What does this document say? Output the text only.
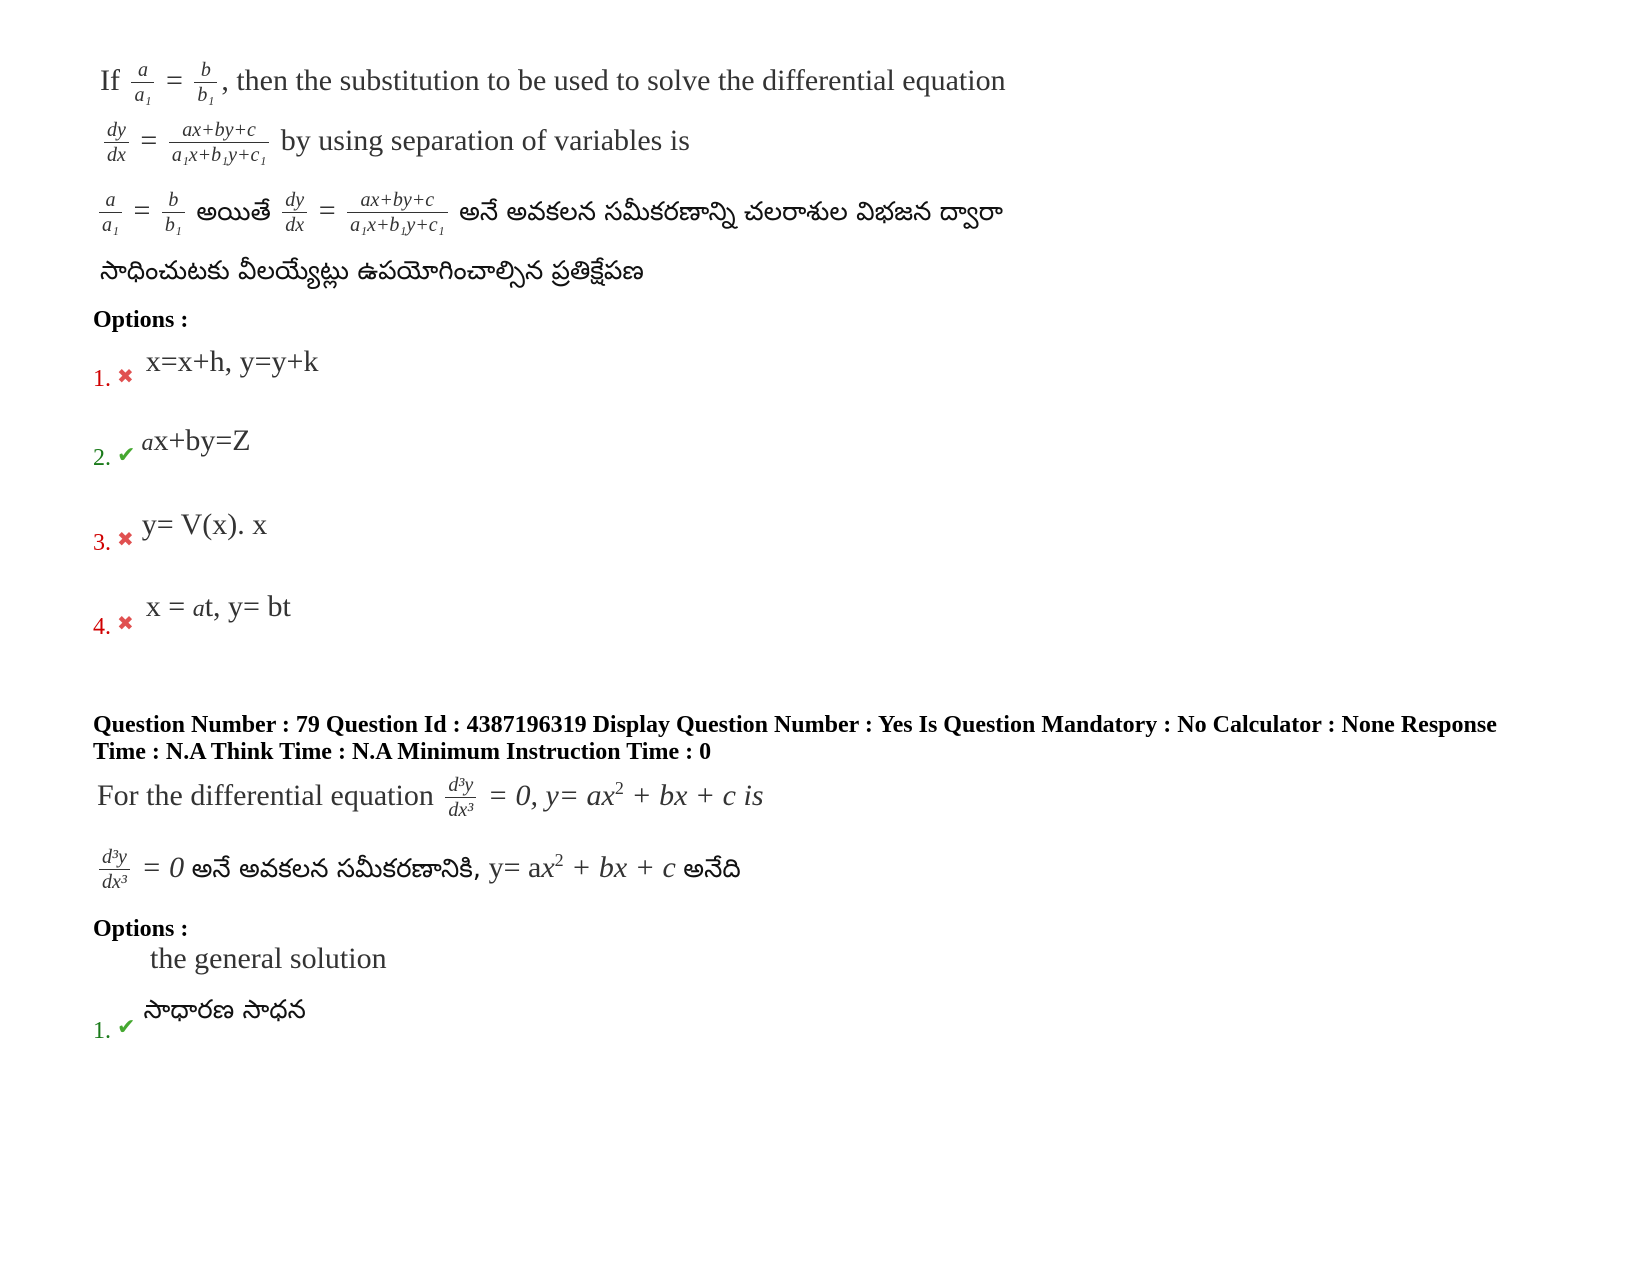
If $\frac{a}{\text{a₁}} = \frac{b}{\text{b₁}}$ , then the substitution to be used to solve the differential equation
$\frac{dy}{dx} = \frac{ax+by+c}{\text{a₁x+b₁y+c₁}}$ by using separation of variables is
$\frac{a}{\text{a₁}} = \frac{b}{\text{b₁}}$ అయితే $\frac{dy}{dx} = \frac{ax+by+c}{\text{a₁x+b₁y+c₁}}$ అనే అవకలన సమీకరణాన్ని చలరాశుల విభజన ద్వారా
సాధించుటకు వీలయ్యేట్లు ఉపయోగించాల్సిన ప్రతిక్షేపణ
Options :
1. ✖ x=x+h, y=y+k
2. ✔ ax+by=Z
3. ✖ y= V(x). x
4. ✖ x = at, y= bt
Question Number : 79 Question Id : 4387196319 Display Question Number : Yes Is Question Mandatory : No Calculator : None Response
Time : N.A Think Time : N.A Minimum Instruction Time : 0
For the differential equation $\frac{\text{d³y}}{\text{dx³}} = 0$, $y= ax^2$ + bx + c is
$\frac{\text{d³y}}{\text{dx³}} = 0$ అనే అవకలన సమీకరణానికి, $y= ax^2$ + bx + c అనేది
Options :
the general solution
1. ✔ సాధారణ సాధన
